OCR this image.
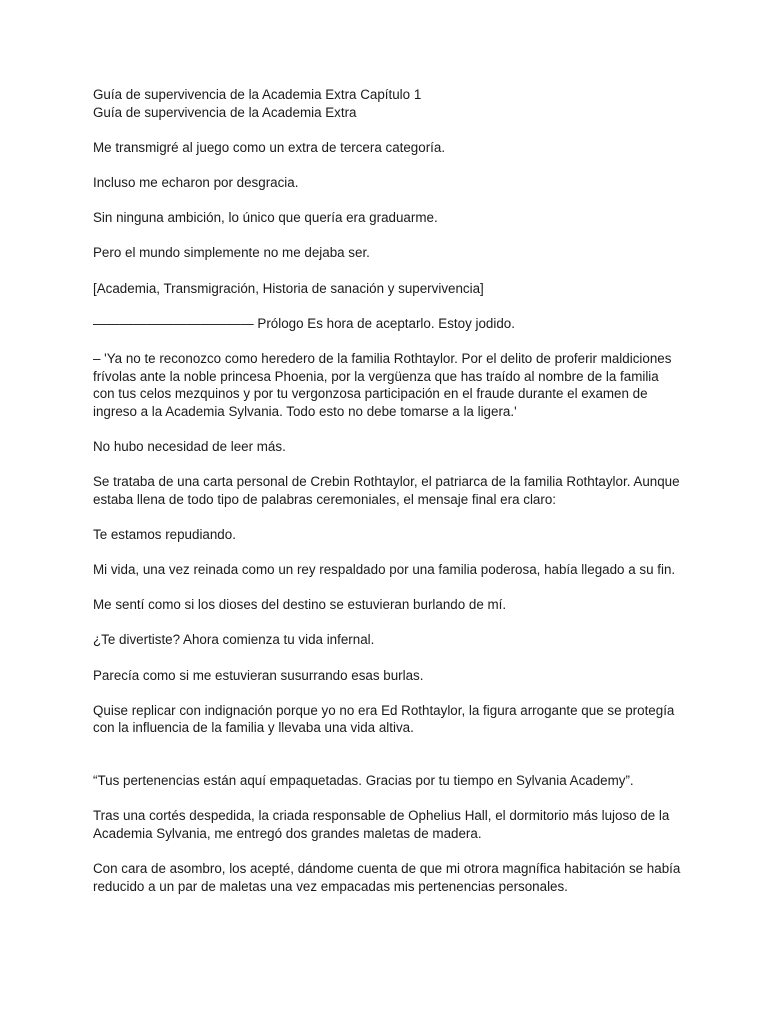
Guía de supervivencia de la Academia Extra Capítulo 1

Guía de supervivencia de la Academia Extra

Me transmigré al juego como un extra de tercera categoría.

Incluso me echaron por desgracia.

Sin ninguna ambición, lo único que quería era graduarme.

Pero el mundo simplemente no me dejaba ser.

[Academia, Transmigración, Historia de sanación y supervivencia]

———————————— Prólogo Es hora de aceptarlo. Estoy jodido.

– 'Ya no te reconozco como heredero de la familia Rothtaylor. Por el delito de proferir maldiciones frívolas ante la noble princesa Phoenia, por la vergüenza que has traído al nombre de la familia con tus celos mezquinos y por tu vergonzosa participación en el fraude durante el examen de ingreso a la Academia Sylvania. Todo esto no debe tomarse a la ligera.'

No hubo necesidad de leer más.

Se trataba de una carta personal de Crebin Rothtaylor, el patriarca de la familia Rothtaylor. Aunque estaba llena de todo tipo de palabras ceremoniales, el mensaje final era claro:

Te estamos repudiando.

Mi vida, una vez reinada como un rey respaldado por una familia poderosa, había llegado a su fin.

Me sentí como si los dioses del destino se estuvieran burlando de mí.

¿Te divertiste? Ahora comienza tu vida infernal.

Parecía como si me estuvieran susurrando esas burlas.

Quise replicar con indignación porque yo no era Ed Rothtaylor, la figura arrogante que se protegía con la influencia de la familia y llevaba una vida altiva.

“Tus pertenencias están aquí empaquetadas. Gracias por tu tiempo en Sylvania Academy”.

Tras una cortés despedida, la criada responsable de Ophelius Hall, el dormitorio más lujoso de la Academia Sylvania, me entregó dos grandes maletas de madera.

Con cara de asombro, los acepté, dándome cuenta de que mi otrora magnífica habitación se había reducido a un par de maletas una vez empacadas mis pertenencias personales.
